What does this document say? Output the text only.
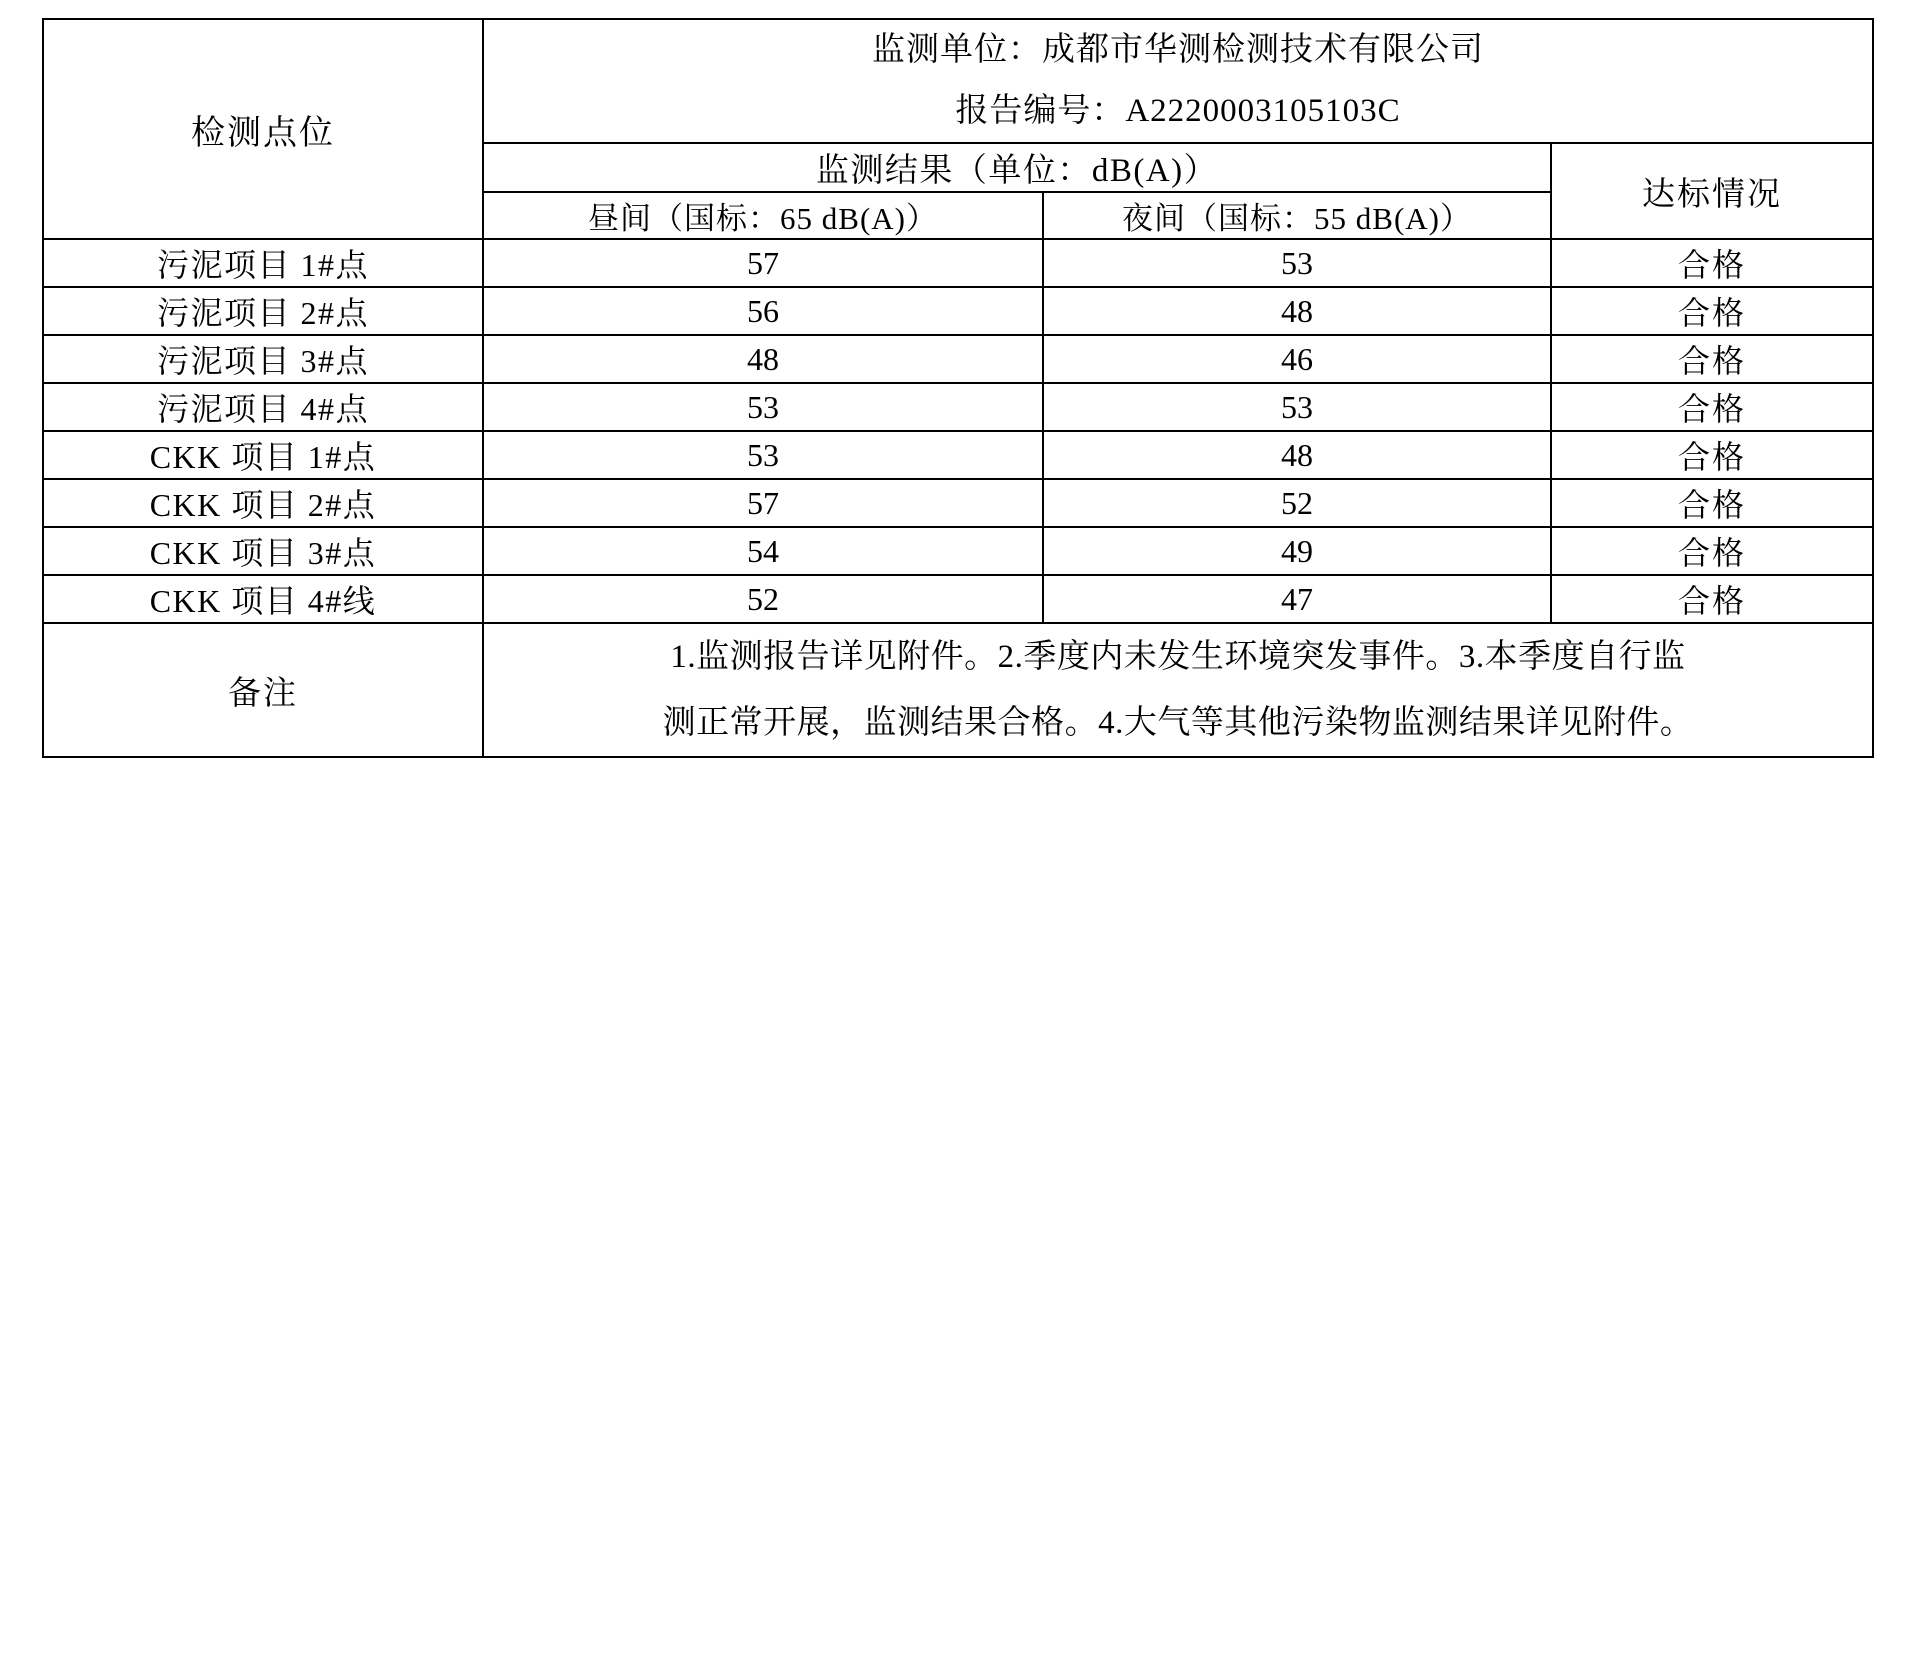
检测点位	监测单位：成都市华测检测技术有限公司
报告编号：A2220003105103C		

	监测结果（单位：dB(A)）		达标情况
	昼间（国标：65 dB(A)）	夜间（国标：55 dB(A)）	
污泥项目 1#点	57	53	合格
污泥项目 2#点	56	48	合格
污泥项目 3#点	48	46	合格
污泥项目 4#点	53	53	合格
CKK 项目 1#点	53	48	合格
CKK 项目 2#点	57	52	合格
CKK 项目 3#点	54	49	合格
CKK 项目 4#线	52	47	合格
备注	1.监测报告详见附件。2.季度内未发生环境突发事件。3.本季度自行监
测正常开展，监测结果合格。4.大气等其他污染物监测结果详见附件。		
